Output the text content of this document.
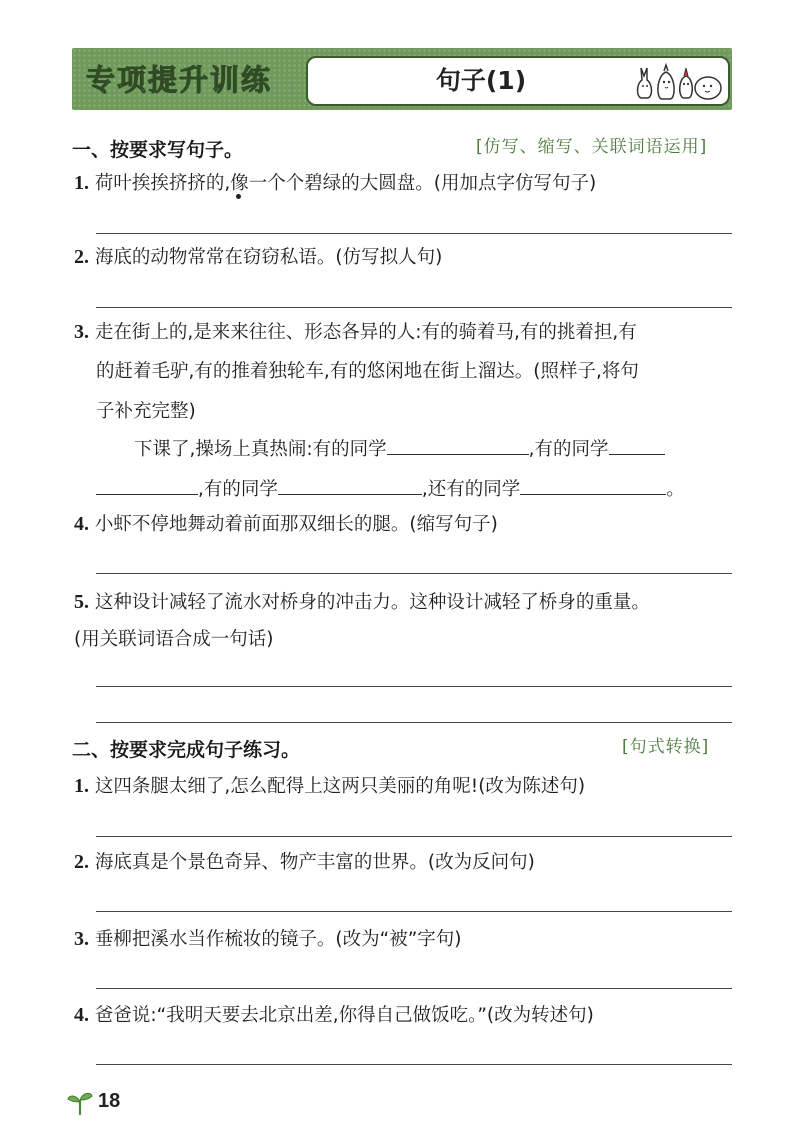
专项提升训练	句子(1)
一、按要求写句子。	[仿写、缩写、关联词语运用]
1. 荷叶挨挨挤挤的,像一个个碧绿的大圆盘。(用加点字仿写句子)
2. 海底的动物常常在窃窃私语。(仿写拟人句)
3. 走在街上的,是来来往往、形态各异的人:有的骑着马,有的挑着担,有
的赶着毛驴,有的推着独轮车,有的悠闲地在街上溜达。(照样子,将句
子补充完整)
下课了,操场上真热闹:有的同学	,有的同学
,有的同学	,还有的同学	。
4. 小虾不停地舞动着前面那双细长的腿。(缩写句子)
5. 这种设计减轻了流水对桥身的冲击力。这种设计减轻了桥身的重量。
(用关联词语合成一句话)
二、按要求完成句子练习。	[句式转换]
1. 这四条腿太细了,怎么配得上这两只美丽的角呢!(改为陈述句)
2. 海底真是个景色奇异、物产丰富的世界。(改为反问句)
3. 垂柳把溪水当作梳妆的镜子。(改为“被”字句)
4. 爸爸说:“我明天要去北京出差,你得自己做饭吃。”(改为转述句)
18
